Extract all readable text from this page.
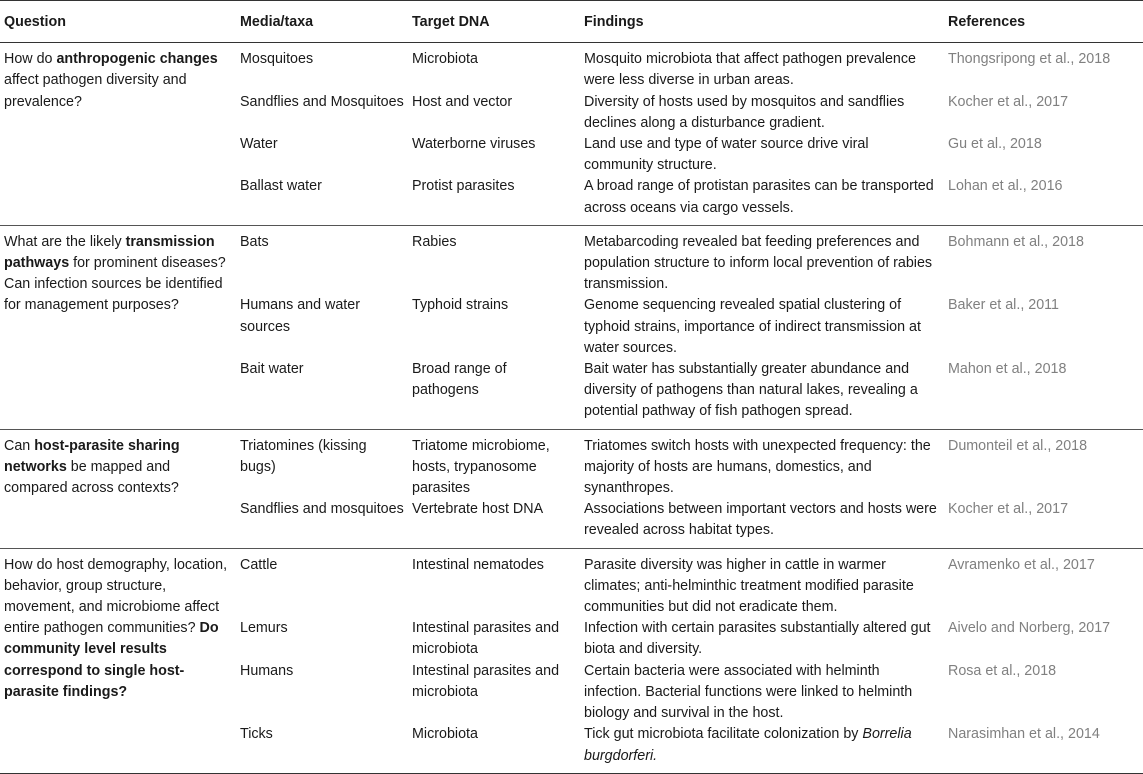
Question	Media/taxa	Target DNA	Findings	References
How do anthropogenic changes affect pathogen diversity and prevalence?	Mosquitoes	Microbiota	Mosquito microbiota that affect pathogen prevalence were less diverse in urban areas.	Thongsripong et al., 2018
	Sandflies and Mosquitoes	Host and vector	Diversity of hosts used by mosquitos and sandflies declines along a disturbance gradient.	Kocher et al., 2017
	Water	Waterborne viruses	Land use and type of water source drive viral community structure.	Gu et al., 2018
	Ballast water	Protist parasites	A broad range of protistan parasites can be transported across oceans via cargo vessels.	Lohan et al., 2016
What are the likely transmission pathways for prominent diseases? Can infection sources be identified for management purposes?	Bats	Rabies	Metabarcoding revealed bat feeding preferences and population structure to inform local prevention of rabies transmission.	Bohmann et al., 2018
	Humans and water sources	Typhoid strains	Genome sequencing revealed spatial clustering of typhoid strains, importance of indirect transmission at water sources.	Baker et al., 2011
	Bait water	Broad range of pathogens	Bait water has substantially greater abundance and diversity of pathogens than natural lakes, revealing a potential pathway of fish pathogen spread.	Mahon et al., 2018
Can host-parasite sharing networks be mapped and compared across contexts?	Triatomines (kissing bugs)	Triatome microbiome, hosts, trypanosome parasites	Triatomes switch hosts with unexpected frequency: the majority of hosts are humans, domestics, and synanthropes.	Dumonteil et al., 2018
	Sandflies and mosquitoes	Vertebrate host DNA	Associations between important vectors and hosts were revealed across habitat types.	Kocher et al., 2017
How do host demography, location, behavior, group structure, movement, and microbiome affect entire pathogen communities? Do community level results correspond to single host-parasite findings?	Cattle	Intestinal nematodes	Parasite diversity was higher in cattle in warmer climates; anti-helminthic treatment modified parasite communities but did not eradicate them.	Avramenko et al., 2017
	Lemurs	Intestinal parasites and microbiota	Infection with certain parasites substantially altered gut biota and diversity.	Aivelo and Norberg, 2017
	Humans	Intestinal parasites and microbiota	Certain bacteria were associated with helminth infection. Bacterial functions were linked to helminth biology and survival in the host.	Rosa et al., 2018
	Ticks	Microbiota	Tick gut microbiota facilitate colonization by Borrelia burgdorferi.	Narasimhan et al., 2014
